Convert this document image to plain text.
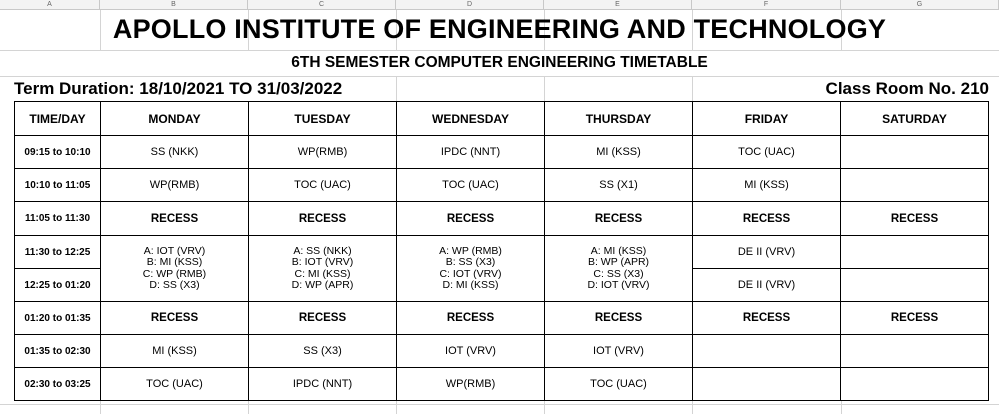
A	B	C	D	E	F	G
APOLLO INSTITUTE OF ENGINEERING AND TECHNOLOGY
6TH SEMESTER COMPUTER ENGINEERING TIMETABLE
Term Duration: 18/10/2021 TO 31/03/2022	Class Room No. 210
TIME/DAY	MONDAY	TUESDAY	WEDNESDAY	THURSDAY	FRIDAY	SATURDAY
09:15 to 10:10	SS (NKK)	WP(RMB)	IPDC (NNT)	MI (KSS)	TOC (UAC)	
10:10 to 11:05	WP(RMB)	TOC (UAC)	TOC (UAC)	SS (X1)	MI (KSS)	
11:05 to 11:30	RECESS	RECESS	RECESS	RECESS	RECESS	RECESS
11:30 to 12:25	A: IOT (VRV)
B: MI (KSS)
C: WP (RMB)
D: SS (X3)	A: SS (NKK)
B: IOT (VRV)
C: MI (KSS)
D: WP (APR)	A: WP (RMB)
B: SS (X3)
C: IOT (VRV)
D: MI (KSS)	A: MI (KSS)
B: WP (APR)
C: SS (X3)
D: IOT (VRV)	DE II (VRV)	
12:25 to 01:20					DE II (VRV)	
01:20 to 01:35	RECESS	RECESS	RECESS	RECESS	RECESS	RECESS
01:35 to 02:30	MI (KSS)	SS (X3)	IOT (VRV)	IOT (VRV)		
02:30 to 03:25	TOC (UAC)	IPDC (NNT)	WP(RMB)	TOC (UAC)		
